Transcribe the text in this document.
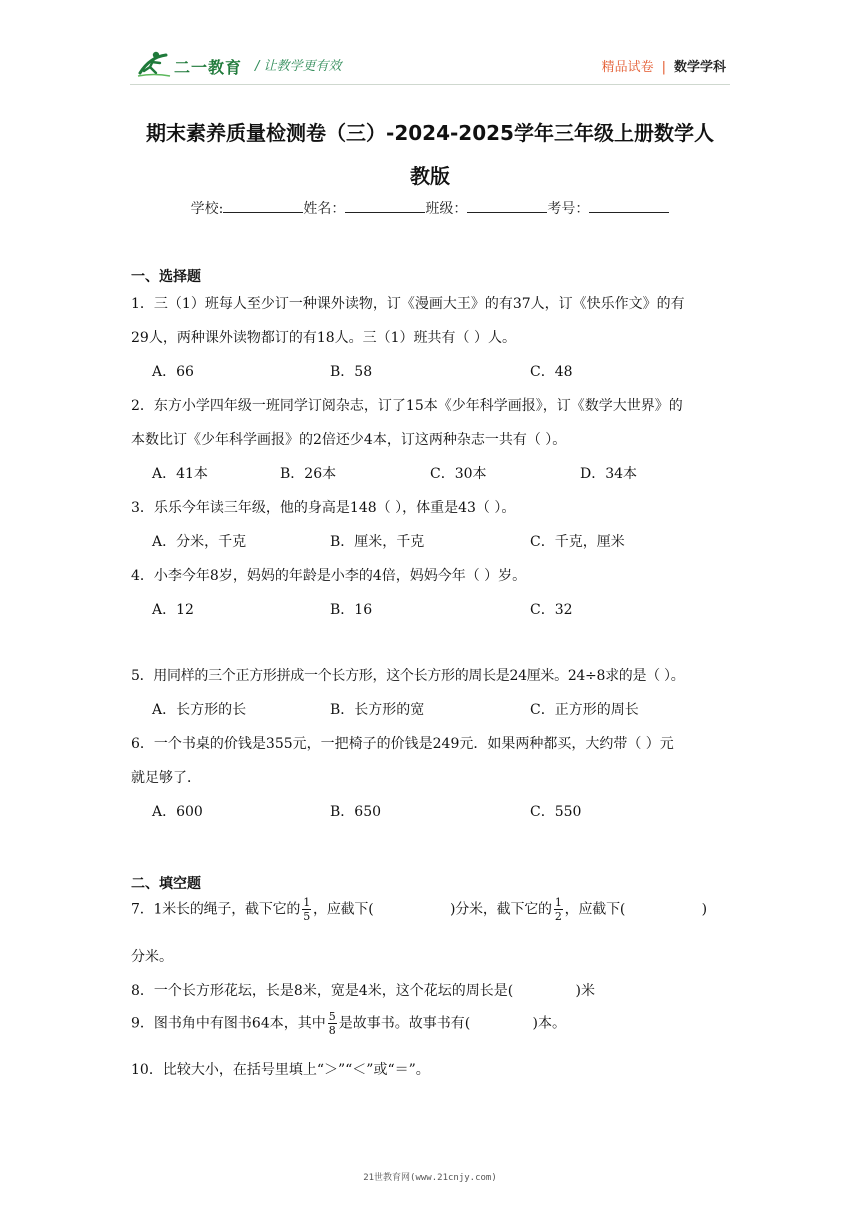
二一教育 / 让教学更有效	精品试卷 | 数学学科
期末素养质量检测卷（三）-2024-2025学年三年级上册数学人
教版
学校:	姓名：	班级：	考号：
一、选择题
1．三（1）班每人至少订一种课外读物，订《漫画大王》的有37人，订《快乐作文》的有
29人，两种课外读物都订的有18人。三（1）班共有（ ）人。
A．66	B．58	C．48
2．东方小学四年级一班同学订阅杂志，订了15本《少年科学画报》，订《数学大世界》的
本数比订《少年科学画报》的2倍还少4本，订这两种杂志一共有（ ）。
A．41本	B．26本	C．30本	D．34本
3．乐乐今年读三年级，他的身高是148（ ），体重是43（ ）。
A．分米，千克	B．厘米，千克	C．千克，厘米
4．小李今年8岁，妈妈的年龄是小李的4倍，妈妈今年（ ）岁。
A．12	B．16	C．32
5．用同样的三个正方形拼成一个长方形，这个长方形的周长是24厘米。24÷8求的是（ ）。
A．长方形的长	B．长方形的宽	C．正方形的周长
6．一个书桌的价钱是355元，一把椅子的价钱是249元．如果两种都买，大约带（ ）元
就足够了．
A．600	B．650	C．550
二、填空题
7．1米长的绳子，截下它的 $\frac{1}{5}$ ，应截下(                  )分米，截下它的 $\frac{1}{2}$ ，应截下(                  )
分米。
8．一个长方形花坛，长是8米，宽是4米，这个花坛的周长是(              )米
9．图书角中有图书64本，其中 $\frac{5}{8}$ 是故事书。故事书有(              )本。
10．比较大小，在括号里填上“＞”“＜”或“＝”。
21世教育网(www.21cnjy.com)
